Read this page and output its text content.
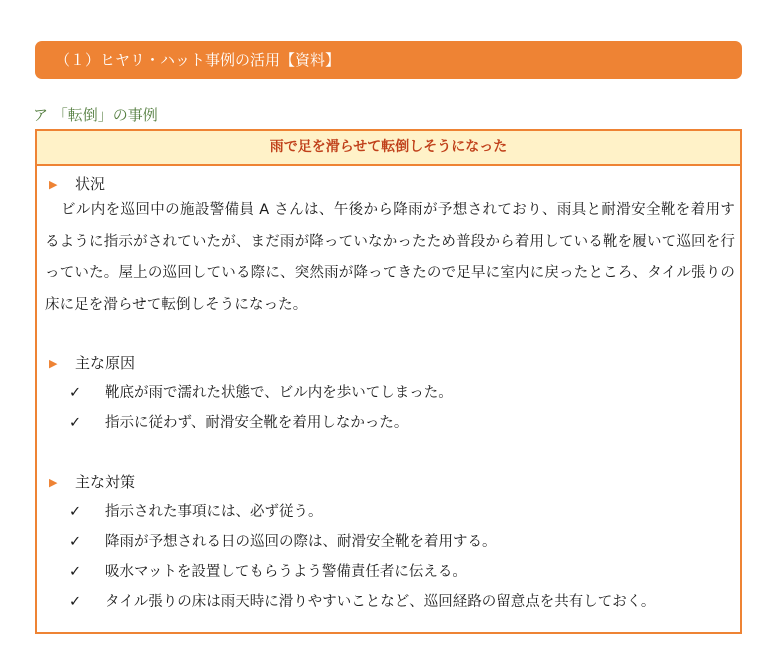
（１）ヒヤリ・ハット事例の活用【資料】
ア 「転倒」の事例
雨で足を滑らせて転倒しそうになった
▶ 状況
ビル内を巡回中の施設警備員 A さんは、午後から降雨が予想されており、雨具と耐滑安全靴を着用するように指示がされていたが、まだ雨が降っていなかったため普段から着用している靴を履いて巡回を行っていた。屋上の巡回している際に、突然雨が降ってきたので足早に室内に戻ったところ、タイル張りの床に足を滑らせて転倒しそうになった。
▶ 主な原因
✓ 靴底が雨で濡れた状態で、ビル内を歩いてしまった。
✓ 指示に従わず、耐滑安全靴を着用しなかった。
▶ 主な対策
✓ 指示された事項には、必ず従う。
✓ 降雨が予想される日の巡回の際は、耐滑安全靴を着用する。
✓ 吸水マットを設置してもらうよう警備責任者に伝える。
✓ タイル張りの床は雨天時に滑りやすいことなど、巡回経路の留意点を共有しておく。
